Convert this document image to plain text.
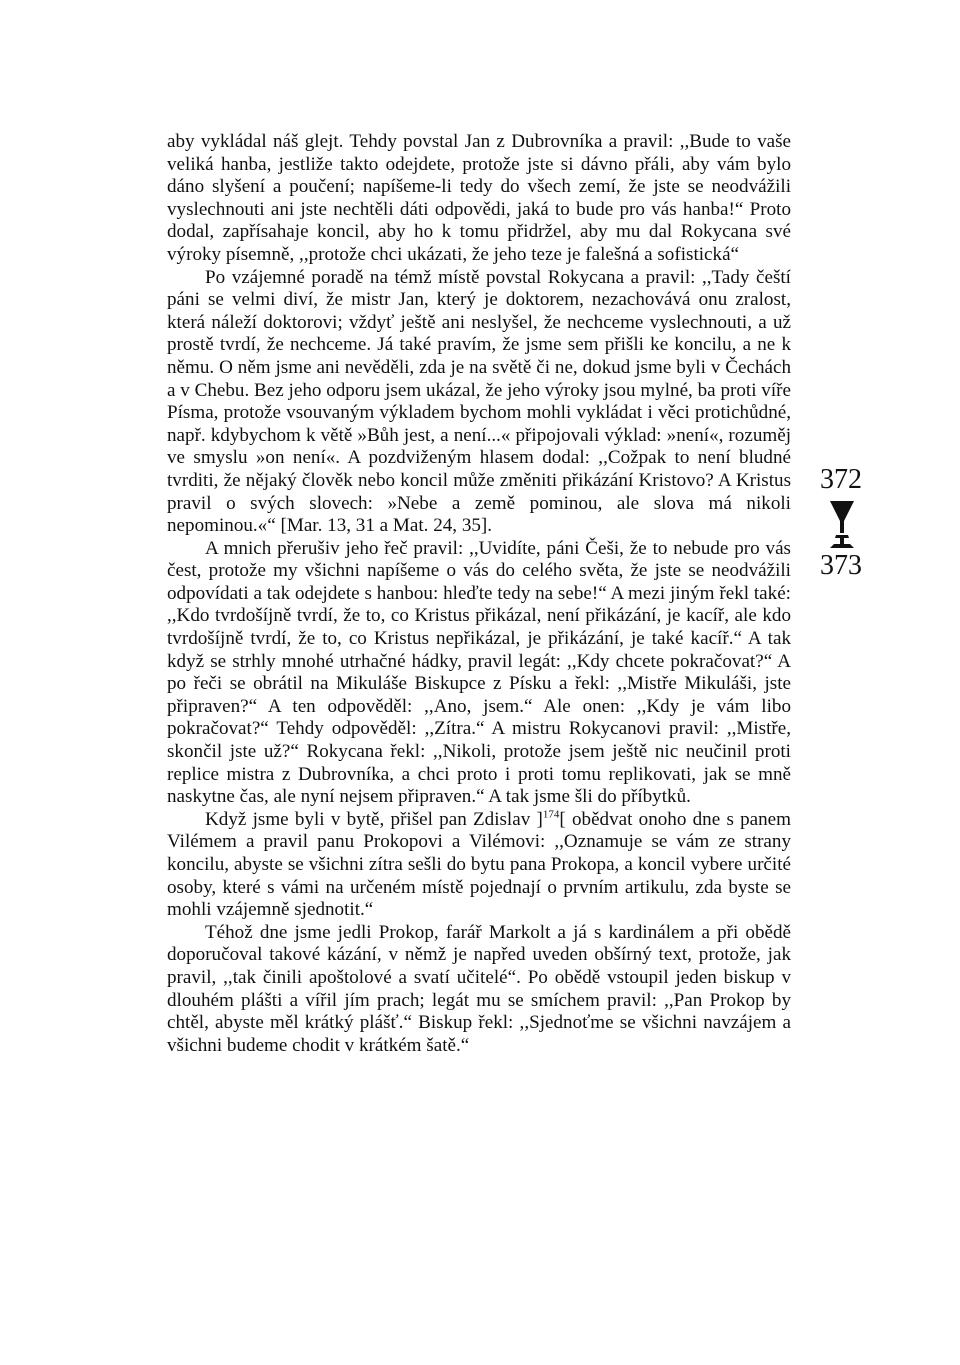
aby vykládal náš glejt. Tehdy povstal Jan z Dubrovníka a pravil: ,,Bude to vaše veliká hanba, jestliže takto odejdete, protože jste si dávno přáli, aby vám bylo dáno slyšení a poučení; napíšeme-li tedy do všech zemí, že jste se neodvážili vyslechnouti ani jste nechtěli dáti odpovědi, jaká to bude pro vás hanba!“ Proto dodal, zapřísahaje koncil, aby ho k tomu přidržel, aby mu dal Rokycana své výroky písemně, ,,protože chci ukázati, že jeho teze je falešná a sofistická“

Po vzájemné poradě na témž místě povstal Rokycana a pravil: ,,Tady čeští páni se velmi diví, že mistr Jan, který je doktorem, nezachovává onu zralost, která náleží doktorovi; vždyť ještě ani neslyšel, že nechceme vyslechnouti, a už prostě tvrdí, že nechceme. Já také pravím, že jsme sem přišli ke koncilu, a ne k němu. O něm jsme ani nevěděli, zda je na světě či ne, dokud jsme byli v Čechách a v Chebu. Bez jeho odporu jsem ukázal, že jeho výroky jsou mylné, ba proti víře Písma, protože vsouvaným výkladem bychom mohli vykládat i věci protichůdné, např. kdybychom k větě »Bůh jest, a není...« připojovali výklad: »není«, rozuměj ve smyslu »on není«. A pozdviženým hlasem dodal: ,,Cožpak to není bludné tvrditi, že nějaký člověk nebo koncil může změniti přikázání Kristovo? A Kristus pravil o svých slovech: »Nebe a země pominou, ale slova má nikoli nepominou.«“ [Mar. 13, 31 a Mat. 24, 35].

A mnich přerušiv jeho řeč pravil: ,,Uvidíte, páni Češi, že to nebude pro vás čest, protože my všichni napíšeme o vás do celého světa, že jste se neodvážili odpovídati a tak odejdete s hanbou: hleďte tedy na sebe!“ A mezi jiným řekl také: ,,Kdo tvrdošíjně tvrdí, že to, co Kristus přikázal, není přikázání, je kacíř, ale kdo tvrdošíjně tvrdí, že to, co Kristus nepřikázal, je přikázání, je také kacíř.“ A tak když se strhly mnohé utrhačné hádky, pravil legát: ,,Kdy chcete pokračovat?“ A po řeči se obrátil na Mikuláše Biskupce z Písku a řekl: ,,Mistře Mikuláši, jste připraven?“ A ten odpověděl: ,,Ano, jsem.“ Ale onen: ,,Kdy je vám libo pokračovat?“ Tehdy odpověděl: ,,Zítra.“ A mistru Rokycanovi pravil: ,,Mistře, skončil jste už?“ Rokycana řekl: ,,Nikoli, protože jsem ještě nic neučinil proti replice mistra z Dubrovníka, a chci proto i proti tomu replikovati, jak se mně naskytne čas, ale nyní nejsem připraven.“ A tak jsme šli do příbytků.

Když jsme byli v bytě, přišel pan Zdislav ]$^{174}$[ obědvat onoho dne s panem Vilémem a pravil panu Prokopovi a Vilémovi: ,,Oznamuje se vám ze strany koncilu, abyste se všichni zítra sešli do bytu pana Prokopa, a koncil vybere určité osoby, které s vámi na určeném místě pojednají o prvním artikulu, zda byste se mohli vzájemně sjednotit.“

Téhož dne jsme jedli Prokop, farář Markolt a já s kardinálem a při obědě doporučoval takové kázání, v němž je napřed uveden obšírný text, protože, jak pravil, ,,tak činili apoštolové a svatí učitelé“. Po obědě vstoupil jeden biskup v dlouhém plášti a vířil jím prach; legát mu se smíchem pravil: ,,Pan Prokop by chtěl, abyste měl krátký plášť.“ Biskup řekl: ,,Sjednoťme se všichni navzájem a všichni budeme chodit v krátkém šatě.“

372
373
